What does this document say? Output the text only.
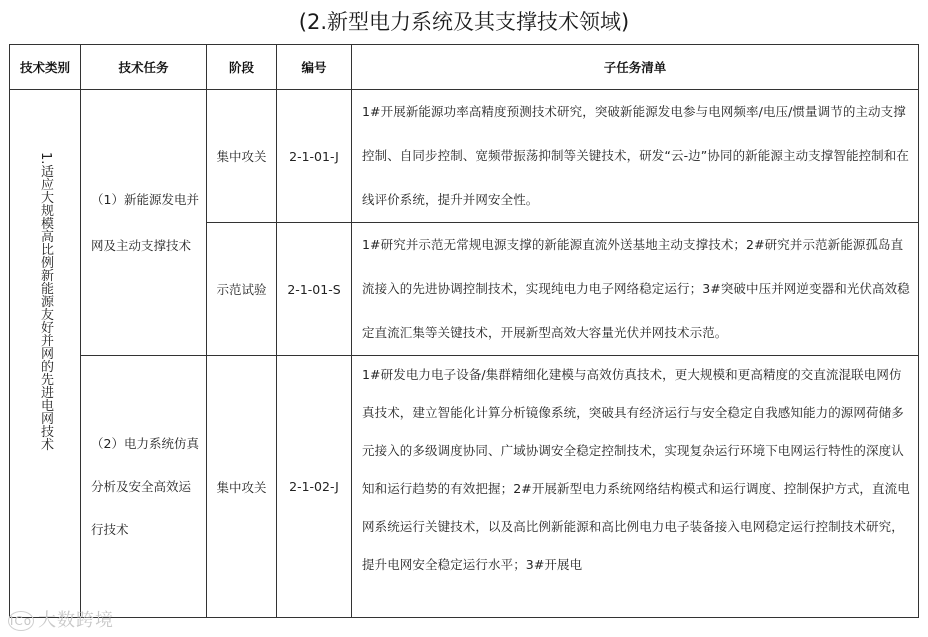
(2.新型电力系统及其支撑技术领域)
技术类别	技术任务	阶段	编号	子任务清单
1.适应大规模高比例新能源友好并网的先进电网技术	（1）新能源发电并网及主动支撑技术	集中攻关	2-1-01-J	1#开展新能源功率高精度预测技术研究，突破新能源发电参与电网频率/电压/惯量调节的主动支撑控制、自同步控制、宽频带振荡抑制等关键技术，研发“云-边”协同的新能源主动支撑智能控制和在线评价系统，提升并网安全性。
		示范试验	2-1-01-S	1#研究并示范无常规电源支撑的新能源直流外送基地主动支撑技术；2#研究并示范新能源孤岛直流接入的先进协调控制技术，实现纯电力电子网络稳定运行；3#突破中压并网逆变器和光伏高效稳定直流汇集等关键技术，开展新型高效大容量光伏并网技术示范。
	（2）电力系统仿真分析及安全高效运行技术	集中攻关	2-1-02-J	1#研发电力电子设备/集群精细化建模与高效仿真技术，更大规模和更高精度的交直流混联电网仿真技术，建立智能化计算分析镜像系统，突破具有经济运行与安全稳定自我感知能力的源网荷储多元接入的多级调度协同、广域协调安全稳定控制技术，实现复杂运行环境下电网运行特性的深度认知和运行趋势的有效把握；2#开展新型电力系统网络结构模式和运行调度、控制保护方式，直流电网系统运行关键技术，以及高比例新能源和高比例电力电子装备接入电网稳定运行控制技术研究，提升电网安全稳定运行水平；3#开展电
ICo 大数跨境
